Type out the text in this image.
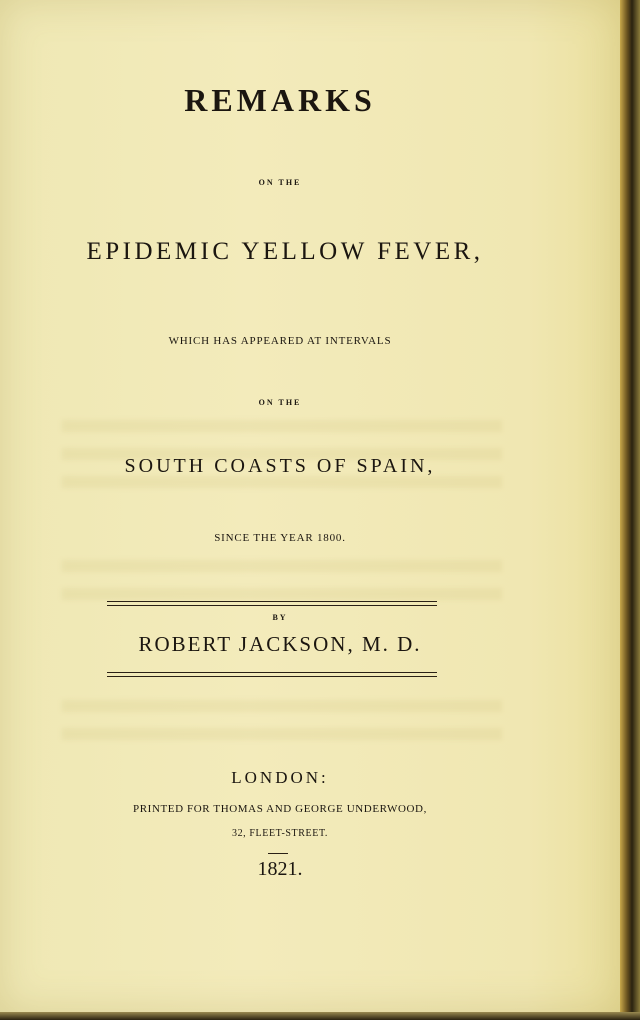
REMARKS
ON THE
EPIDEMIC YELLOW FEVER,
WHICH HAS APPEARED AT INTERVALS
ON THE
SOUTH COASTS OF SPAIN,
SINCE THE YEAR 1800.
BY
ROBERT JACKSON, M. D.
LONDON:
PRINTED FOR THOMAS AND GEORGE UNDERWOOD,
32, FLEET-STREET.
1821.
